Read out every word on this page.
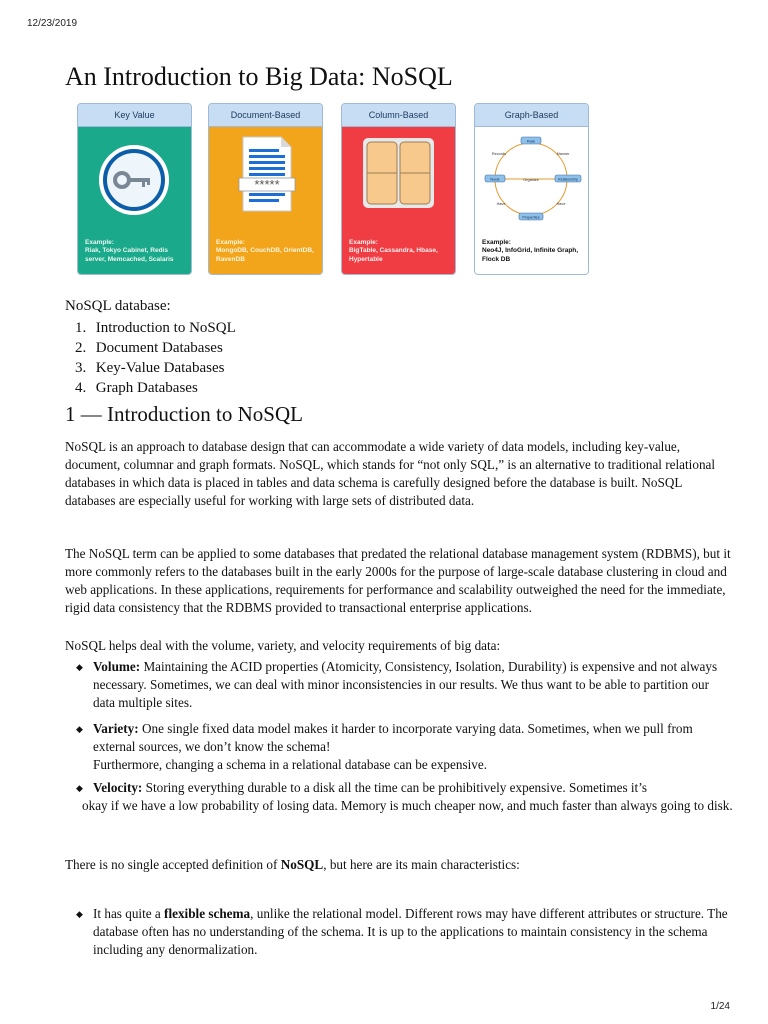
12/23/2019
An Introduction to Big Data: NoSQL
Key Value
Example:
Riak, Tokyo Cabinet, Redis server, Memcached, Scalaris
Document-Based
*****
Example:
MongoDB, CouchDB, OrientDB, RavenDB
Column-Based
Example:
BigTable, Cassandra, Hbase, Hypertable
Graph-Based
Rule
Records	Manner
Node	Organize	Relationship
Have	Have
Properties
Example:
Neo4J, InfoGrid, Infinite Graph, Flock DB
NoSQL database:
1. Introduction to NoSQL
2. Document Databases
3. Key-Value Databases
4. Graph Databases
1 — Introduction to NoSQL

NoSQL is an approach to database design that can accommodate a wide variety of data models, including key-value, document, columnar and graph formats. NoSQL, which stands for “not only SQL,” is an alternative to traditional relational databases in which data is placed in tables and data schema is carefully designed before the database is built. NoSQL databases are especially useful for working with large sets of distributed data.

The NoSQL term can be applied to some databases that predated the relational database management system (RDBMS), but it more commonly refers to the databases built in the early 2000s for the purpose of large-scale database clustering in cloud and web applications. In these applications, requirements for performance and scalability outweighed the need for the immediate, rigid data consistency that the RDBMS provided to transactional enterprise applications.

NoSQL helps deal with the volume, variety, and velocity requirements of big data:

◆ Volume: Maintaining the ACID properties (Atomicity, Consistency, Isolation, Durability) is expensive and not always necessary. Sometimes, we can deal with minor inconsistencies in our results. We thus want to be able to partition our data multiple sites.
◆ Variety: One single fixed data model makes it harder to incorporate varying data. Sometimes, when we pull from external sources, we don’t know the schema!
Furthermore, changing a schema in a relational database can be expensive.
◆ Velocity: Storing everything durable to a disk all the time can be prohibitively expensive. Sometimes it’s
okay if we have a low probability of losing data. Memory is much cheaper now, and much faster than always going to disk.

There is no single accepted definition of NoSQL, but here are its main characteristics:

◆ It has quite a flexible schema, unlike the relational model. Different rows may have different attributes or structure. The database often has no understanding of the schema. It is up to the applications to maintain consistency in the schema including any denormalization.
1/24
